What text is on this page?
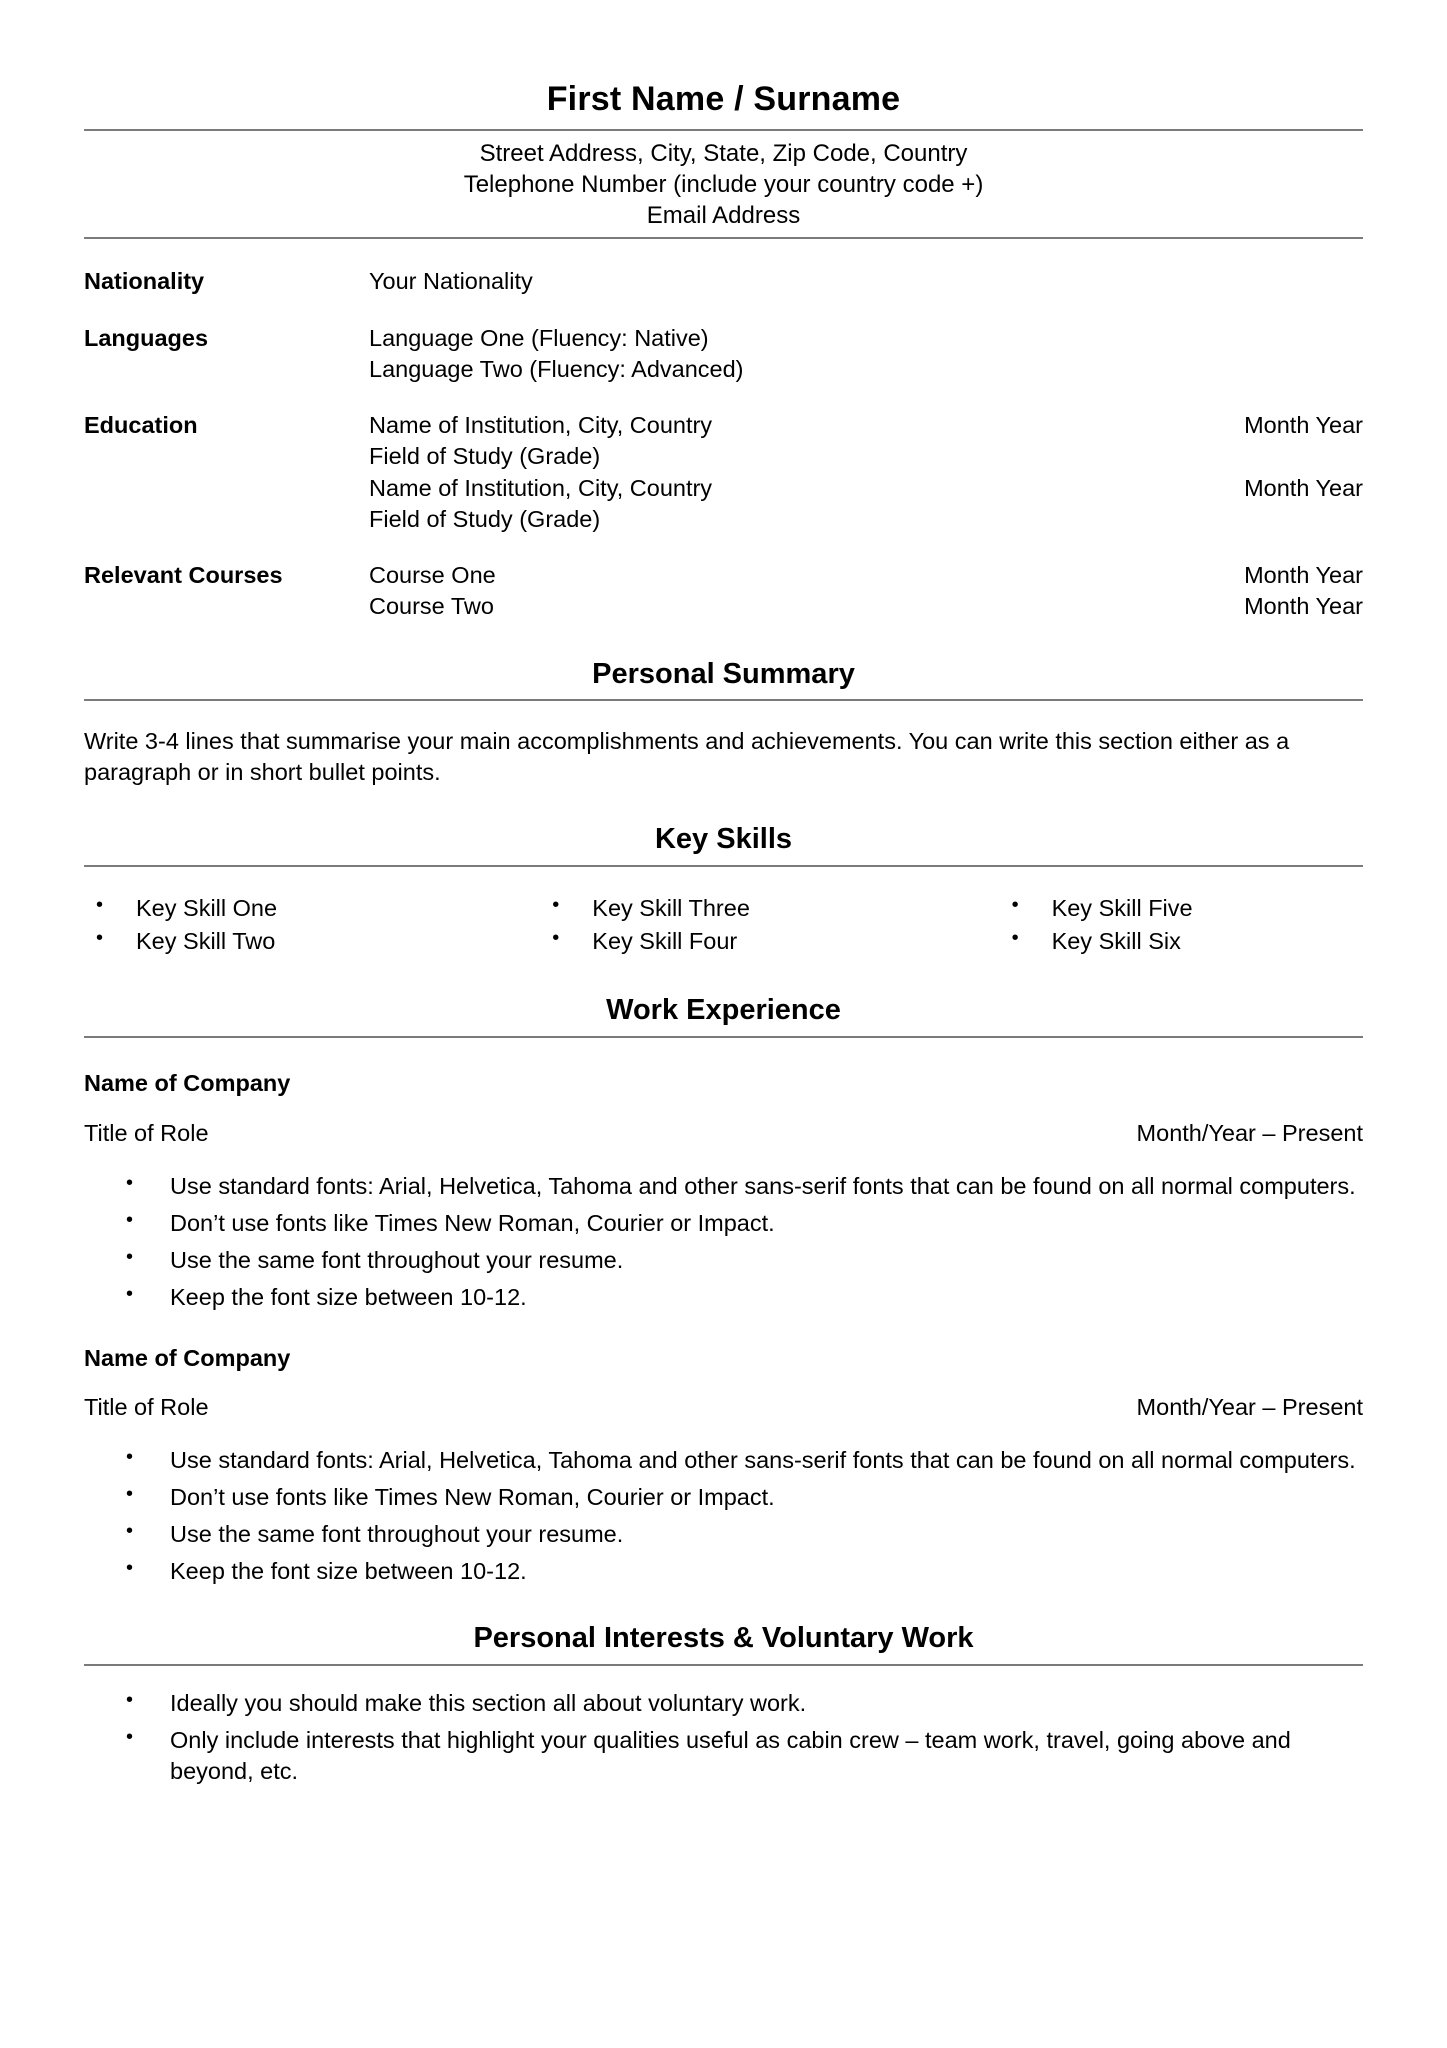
First Name / Surname
Street Address, City, State, Zip Code, Country
Telephone Number (include your country code +)
Email Address
Nationality	Your Nationality	

Languages	Language One (Fluency: Native)	
	Language Two (Fluency: Advanced)	

Education	Name of Institution, City, Country	Month Year
	Field of Study (Grade)	
	Name of Institution, City, Country	Month Year
	Field of Study (Grade)	

Relevant Courses	Course One	Month Year
	Course Two	Month Year
Personal Summary
Write 3-4 lines that summarise your main accomplishments and achievements. You can write this section either as a paragraph or in short bullet points.
Key Skills
• Key Skill One
• Key Skill Two
• Key Skill Three
• Key Skill Four
• Key Skill Five
• Key Skill Six
Work Experience
Name of Company
Title of Role	Month/Year – Present
• Use standard fonts: Arial, Helvetica, Tahoma and other sans-serif fonts that can be found on all normal computers.
• Don’t use fonts like Times New Roman, Courier or Impact.
• Use the same font throughout your resume.
• Keep the font size between 10-12.
Name of Company
Title of Role	Month/Year – Present
• Use standard fonts: Arial, Helvetica, Tahoma and other sans-serif fonts that can be found on all normal computers.
• Don’t use fonts like Times New Roman, Courier or Impact.
• Use the same font throughout your resume.
• Keep the font size between 10-12.
Personal Interests & Voluntary Work
• Ideally you should make this section all about voluntary work.
• Only include interests that highlight your qualities useful as cabin crew – team work, travel, going above and beyond, etc.
